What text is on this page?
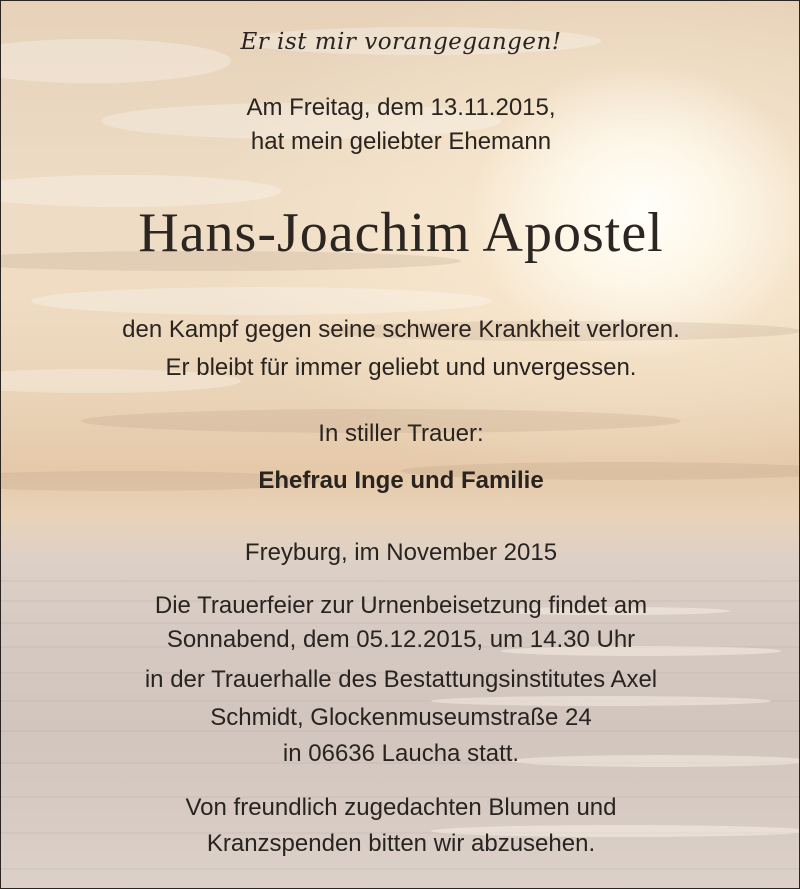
Er ist mir vorangegangen!
Am Freitag, dem 13.11.2015,
hat mein geliebter Ehemann
Hans-Joachim Apostel
den Kampf gegen seine schwere Krankheit verloren.
Er bleibt für immer geliebt und unvergessen.
In stiller Trauer:
Ehefrau Inge und Familie
Freyburg, im November 2015
Die Trauerfeier zur Urnenbeisetzung findet am
Sonnabend, dem 05.12.2015, um 14.30 Uhr
in der Trauerhalle des Bestattungsinstitutes Axel
Schmidt, Glockenmuseumstraße 24
in 06636 Laucha statt.
Von freundlich zugedachten Blumen und
Kranzspenden bitten wir abzusehen.
